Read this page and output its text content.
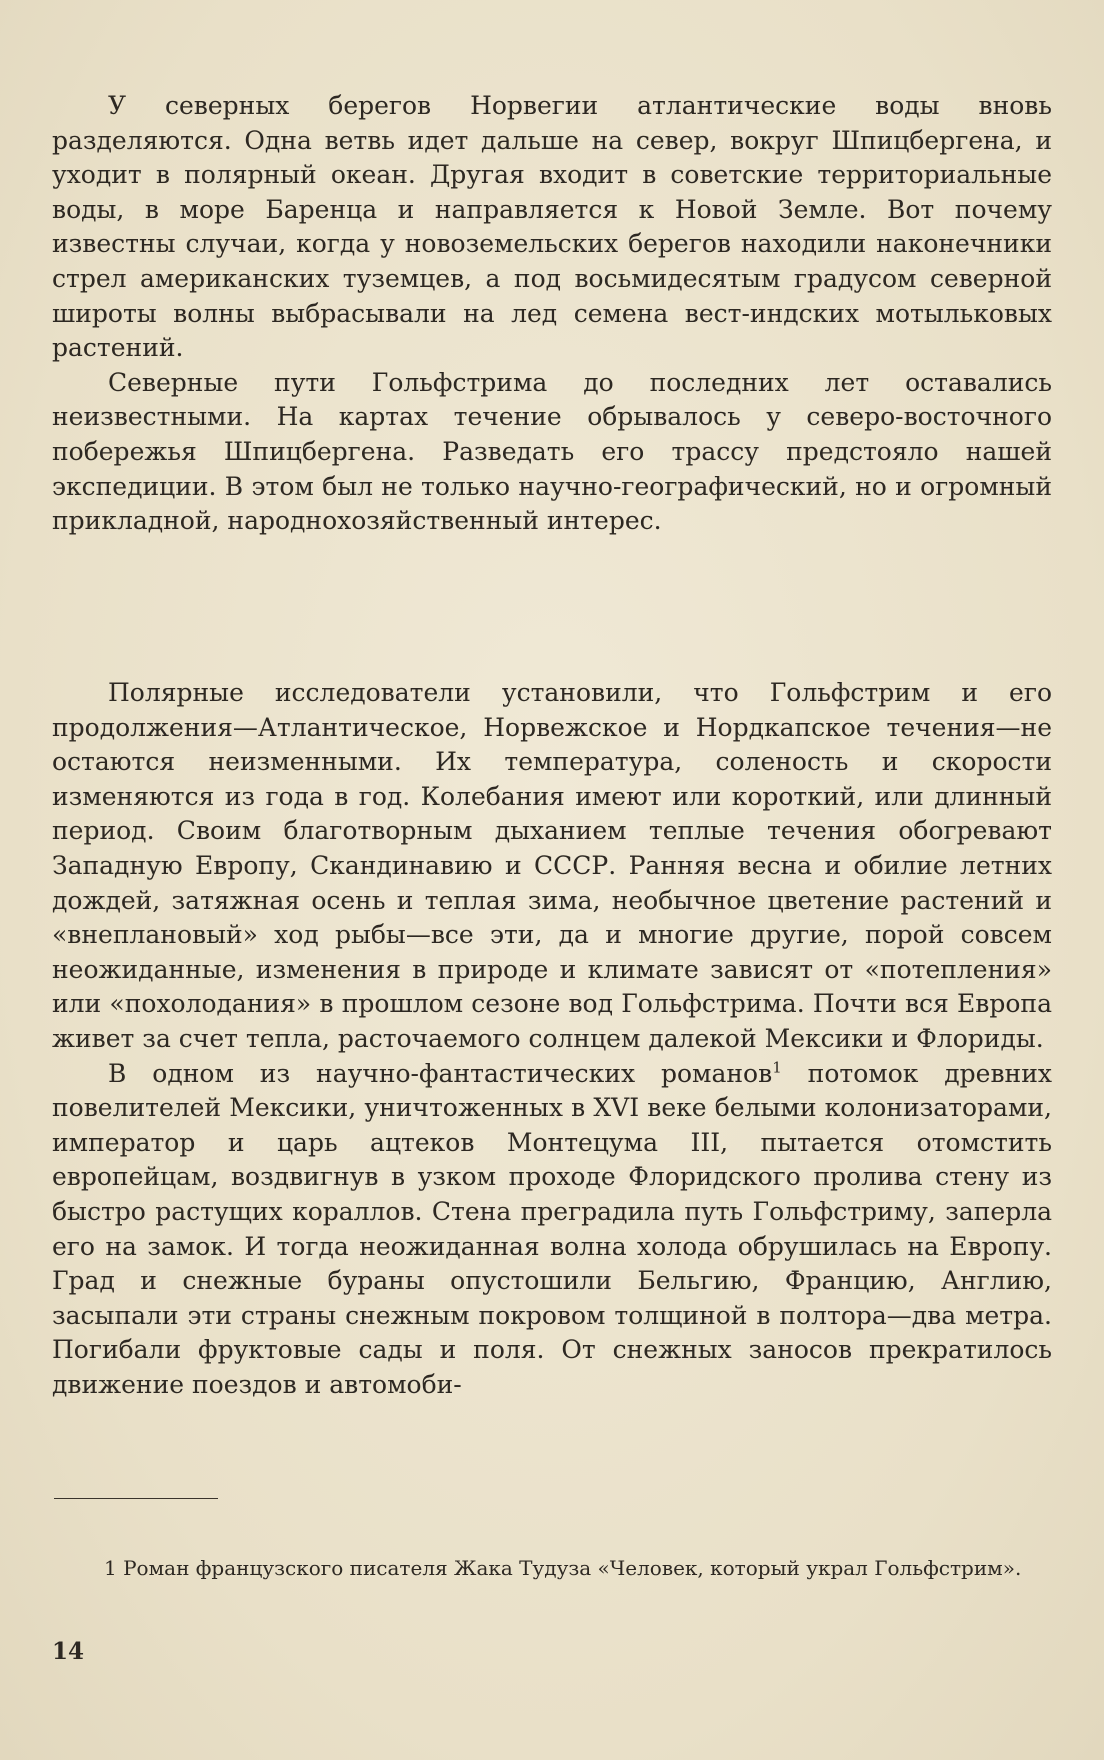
У северных берегов Норвегии атлантические воды вновь разделяются. Одна ветвь идет дальше на север, вокруг Шпицбергена, и уходит в полярный океан. Другая входит в советские территориальные воды, в море Баренца и направляется к Новой Земле. Вот почему известны случаи, когда у новоземельских берегов находили наконечники стрел американских туземцев, а под восьмидесятым градусом северной широты волны выбрасывали на лед семена вест-индских мотыльковых растений.

Северные пути Гольфстрима до последних лет оставались неизвестными. На картах течение обрывалось у северо-восточного побережья Шпицбергена. Разведать его трассу предстояло нашей экспедиции. В этом был не только научно-географический, но и огромный прикладной, народнохозяйственный интерес.

Полярные исследователи установили, что Гольфстрим и его продолжения—Атлантическое, Норвежское и Нордкапское течения—не остаются неизменными. Их температура, соленость и скорости изменяются из года в год. Колебания имеют или короткий, или длинный период. Своим благотворным дыханием теплые течения обогревают Западную Европу, Скандинавию и СССР. Ранняя весна и обилие летних дождей, затяжная осень и теплая зима, необычное цветение растений и «внеплановый» ход рыбы—все эти, да и многие другие, порой совсем неожиданные, изменения в природе и климате зависят от «потепления» или «похолодания» в прошлом сезоне вод Гольфстрима. Почти вся Европа живет за счет тепла, расточаемого солнцем далекой Мексики и Флориды.

В одном из научно-фантастических романов$^1$ потомок древних повелителей Мексики, уничтоженных в XVI веке белыми колонизаторами, император и царь ацтеков Монтецума III, пытается отомстить европейцам, воздвигнув в узком проходе Флоридского пролива стену из быстро растущих кораллов. Стена преградила путь Гольфстриму, заперла его на замок. И тогда неожиданная волна холода обрушилась на Европу. Град и снежные бураны опустошили Бельгию, Францию, Англию, засыпали эти страны снежным покровом толщиной в полтора—два метра. Погибали фруктовые сады и поля. От снежных заносов прекратилось движение поездов и автомоби-

1 Роман французского писателя Жака Тудуза «Человек, который украл Гольфстрим».

14
